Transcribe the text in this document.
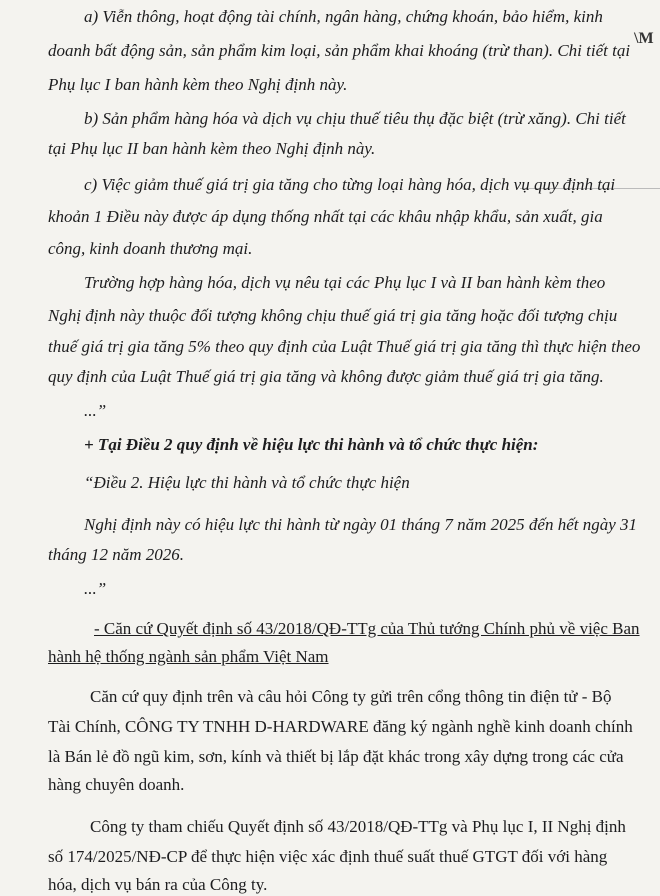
\M
a) Viễn thông, hoạt động tài chính, ngân hàng, chứng khoán, bảo hiểm, kinh
doanh bất động sản, sản phẩm kim loại, sản phẩm khai khoáng (trừ than). Chi tiết tại
Phụ lục I ban hành kèm theo Nghị định này.
b) Sản phẩm hàng hóa và dịch vụ chịu thuế tiêu thụ đặc biệt (trừ xăng). Chi tiết
tại Phụ lục II ban hành kèm theo Nghị định này.
c) Việc giảm thuế giá trị gia tăng cho từng loại hàng hóa, dịch vụ quy định tại
khoản 1 Điều này được áp dụng thống nhất tại các khâu nhập khẩu, sản xuất, gia
công, kinh doanh thương mại.
Trường hợp hàng hóa, dịch vụ nêu tại các Phụ lục I và II ban hành kèm theo
Nghị định này thuộc đối tượng không chịu thuế giá trị gia tăng hoặc đối tượng chịu
thuế giá trị gia tăng 5% theo quy định của Luật Thuế giá trị gia tăng thì thực hiện theo
quy định của Luật Thuế giá trị gia tăng và không được giảm thuế giá trị gia tăng.
...”
+ Tại Điều 2 quy định về hiệu lực thi hành và tổ chức thực hiện:
“Điều 2. Hiệu lực thi hành và tổ chức thực hiện
Nghị định này có hiệu lực thi hành từ ngày 01 tháng 7 năm 2025 đến hết ngày 31
tháng 12 năm 2026.
...”
- Căn cứ Quyết định số 43/2018/QĐ-TTg của Thủ tướng Chính phủ về việc Ban
hành hệ thống ngành sản phẩm Việt Nam
Căn cứ quy định trên và câu hỏi Công ty gửi trên cổng thông tin điện tử - Bộ
Tài Chính, CÔNG TY TNHH D-HARDWARE đăng ký ngành nghề kinh doanh chính
là Bán lẻ đồ ngũ kim, sơn, kính và thiết bị lắp đặt khác trong xây dựng trong các cửa
hàng chuyên doanh.
Công ty tham chiếu Quyết định số 43/2018/QĐ-TTg và Phụ lục I, II Nghị định
số 174/2025/NĐ-CP để thực hiện việc xác định thuế suất thuế GTGT đối với hàng
hóa, dịch vụ bán ra của Công ty.
